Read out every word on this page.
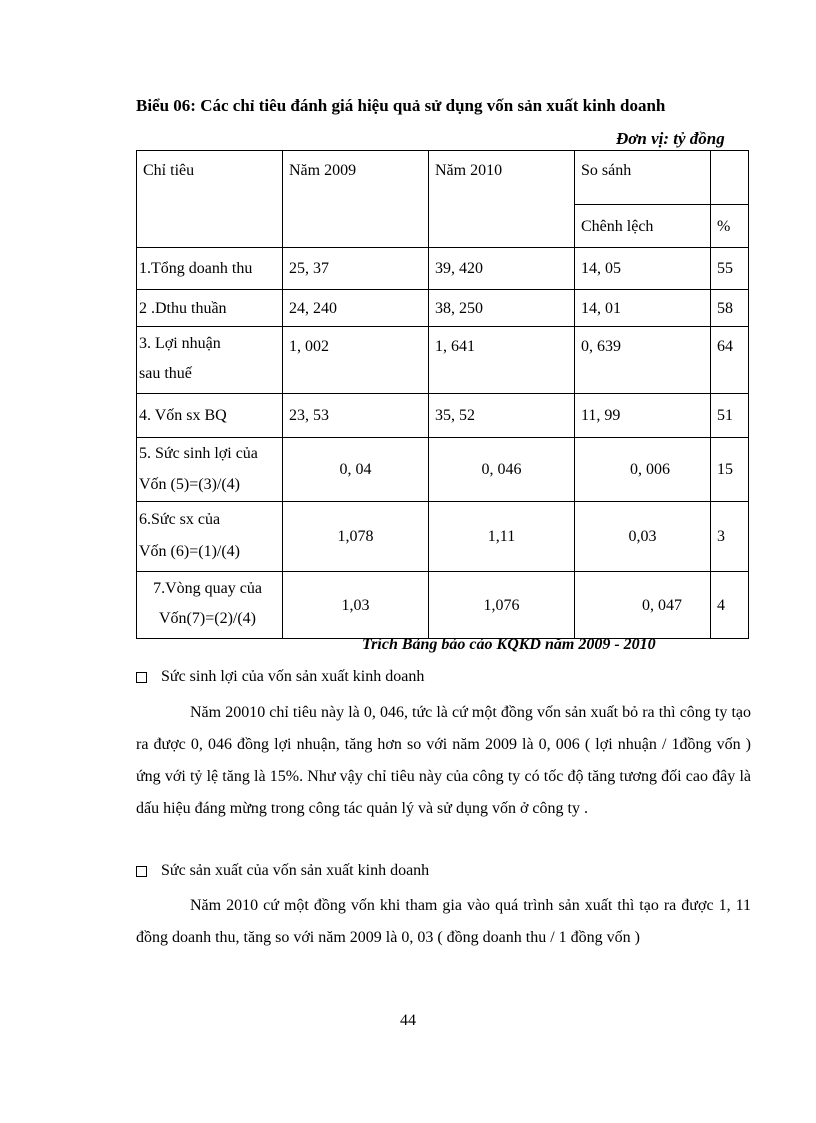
Biểu 06: Các chỉ tiêu đánh giá hiệu quả sử dụng vốn sản xuất kinh doanh
Đơn vị: tỷ đồng
Chỉ tiêu	Năm 2009	Năm 2010	So sánh	
			Chênh lệch	%
1.Tổng doanh thu	25, 37	39, 420	14, 05	55
2 .Dthu thuần	24, 240	38, 250	14, 01	58

3. Lợi nhuận
sau thuế	1, 002	1, 641	0, 639	64
4. Vốn sx BQ	23, 53	35, 52	11, 99	51

5. Sức sinh lợi của
Vốn (5)=(3)/(4)	0, 04	0, 046	0, 006	15

6.Sức sx của
Vốn (6)=(1)/(4)	1,078	1,11	0,03	3

7.Vòng quay của
Vốn(7)=(2)/(4)	1,03	1,076	0, 047	4
Trích Bảng báo cáo KQKD năm 2009 - 2010
Sức sinh lợi của vốn sản xuất kinh doanh
Năm 20010 chỉ tiêu này là 0, 046, tức là cứ một đồng vốn sản xuất bỏ ra thì công ty tạo ra được 0, 046 đồng lợi nhuận, tăng hơn so với năm 2009 là 0, 006 ( lợi nhuận / 1đồng vốn ) ứng với tỷ lệ tăng là 15%. Như vậy chỉ tiêu này của công ty có tốc độ tăng tương đối cao đây là dấu hiệu đáng mừng trong công tác quản lý và sử dụng vốn ở công ty .
Sức sản xuất của vốn sản xuất kinh doanh
Năm 2010 cứ một đồng vốn khi tham gia vào quá trình sản xuất thì tạo ra được 1, 11 đồng doanh thu, tăng so với năm 2009 là 0, 03 ( đồng doanh thu / 1 đồng vốn )
44
